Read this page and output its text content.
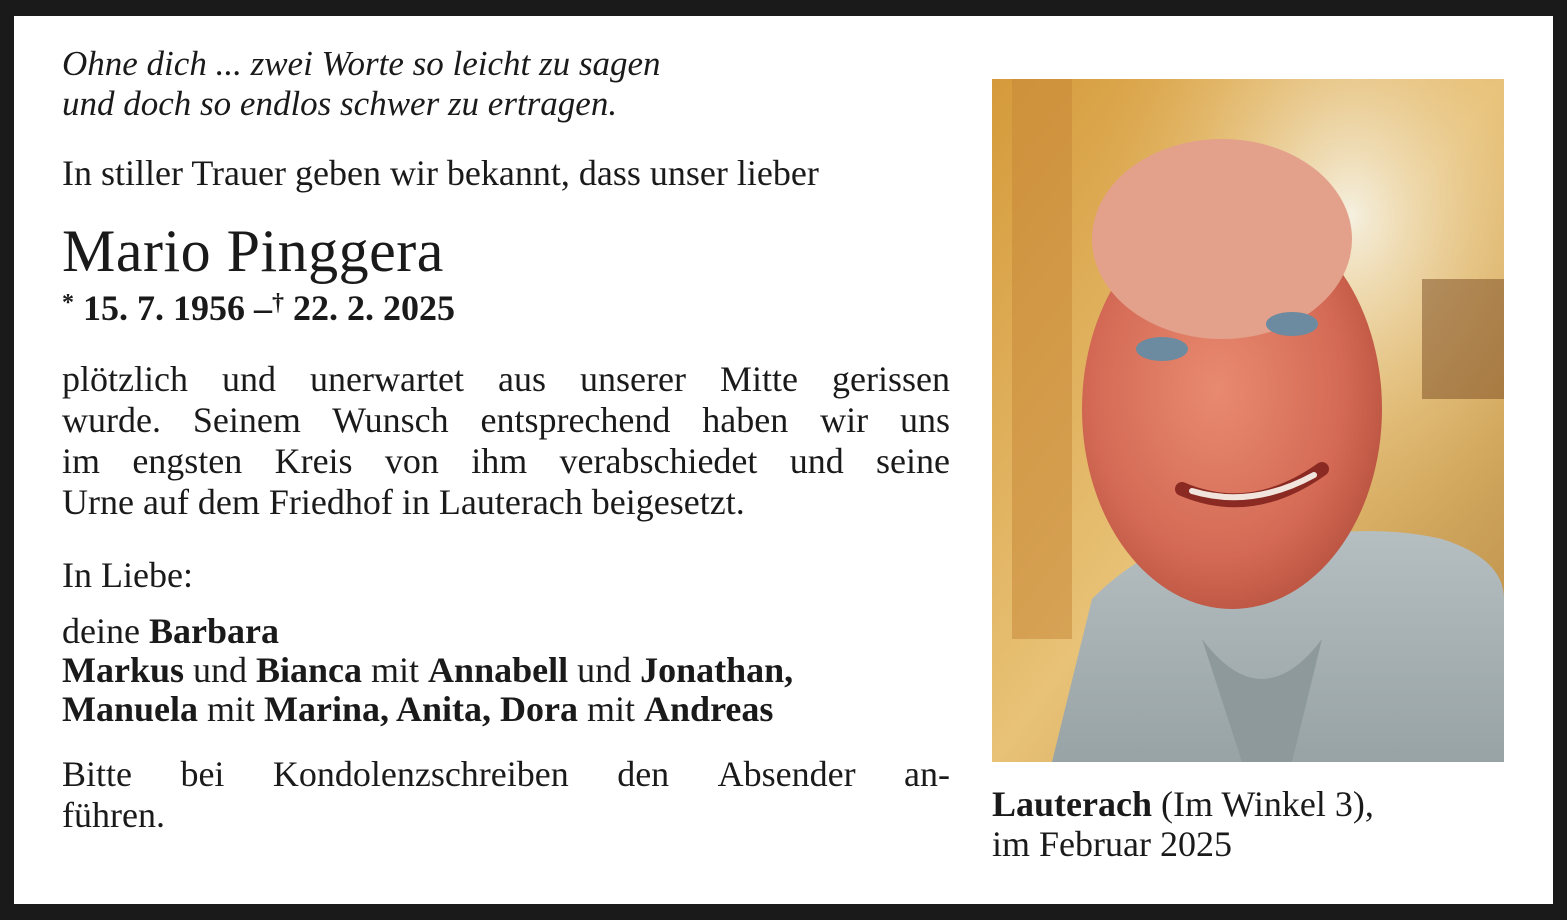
Ohne dich ... zwei Worte so leicht zu sagen
und doch so endlos schwer zu ertragen.
In stiller Trauer geben wir bekannt, dass unser lieber
Mario Pinggera
* 15. 7. 1956 –† 22. 2. 2025
plötzlich und unerwartet aus unserer Mitte gerissen
wurde. Seinem Wunsch entsprechend haben wir uns
im engsten Kreis von ihm verabschiedet und seine
Urne auf dem Friedhof in Lauterach beigesetzt.
In Liebe:
deine Barbara
Markus und Bianca mit Annabell und Jonathan,
Manuela mit Marina, Anita, Dora mit Andreas
Bitte bei Kondolenzschreiben den Absender an-
führen.	Lauterach (Im Winkel 3),
im Februar 2025
